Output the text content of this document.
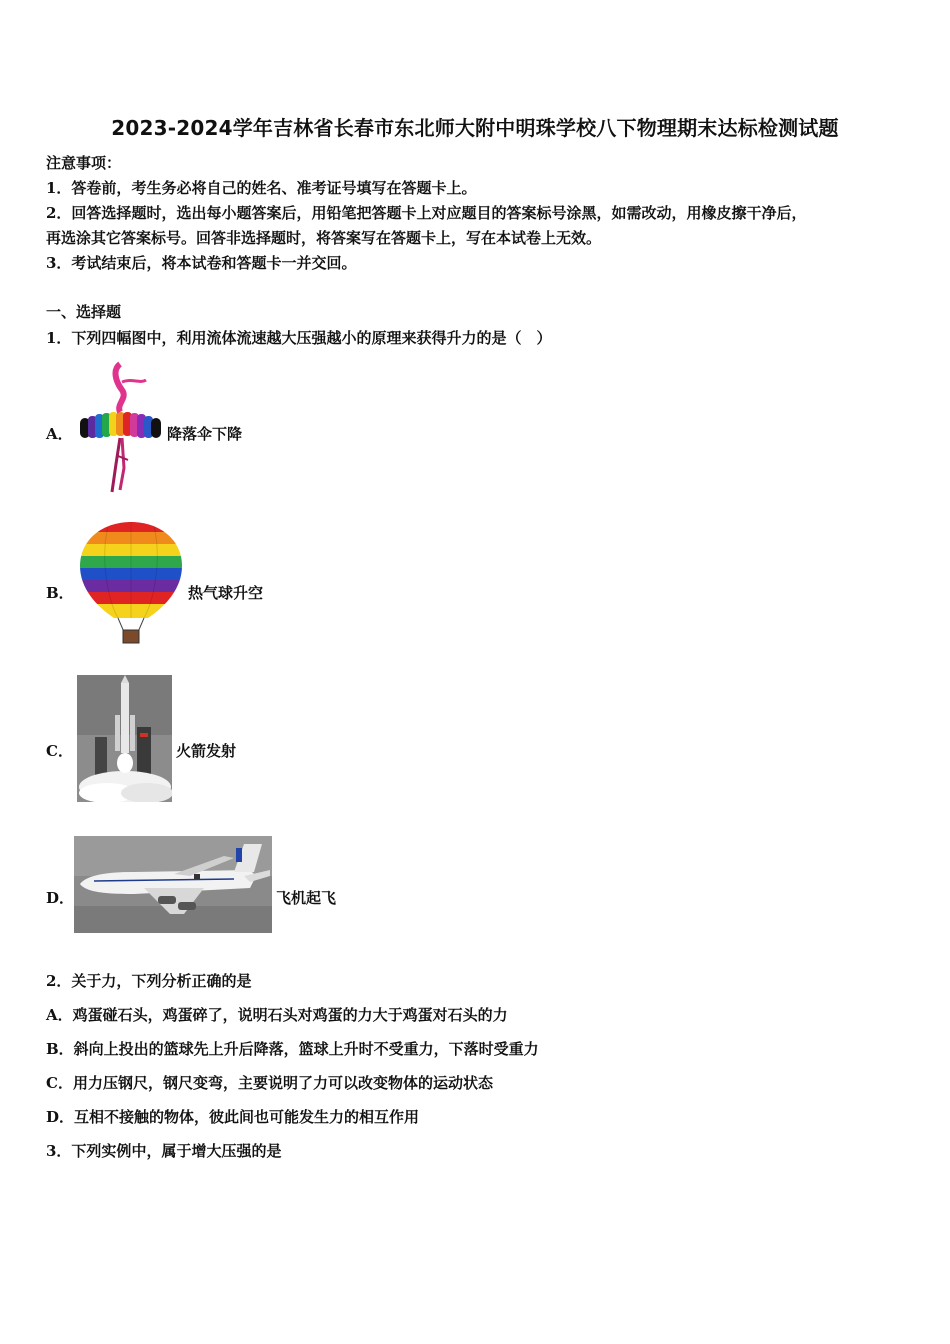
2023-2024学年吉林省长春市东北师大附中明珠学校八下物理期末达标检测试题
注意事项：
1．答卷前，考生务必将自己的姓名、准考证号填写在答题卡上。
2．回答选择题时，选出每小题答案后，用铅笔把答题卡上对应题目的答案标号涂黑，如需改动，用橡皮擦干净后，
再选涂其它答案标号。回答非选择题时，将答案写在答题卡上，写在本试卷上无效。
3．考试结束后，将本试卷和答题卡一并交回。
一、选择题
1．下列四幅图中，利用流体流速越大压强越小的原理来获得升力的是（　）
A．	降落伞下降
B．	热气球升空
C．	火箭发射
D．	飞机起飞
2．关于力，下列分析正确的是
A．鸡蛋碰石头，鸡蛋碎了，说明石头对鸡蛋的力大于鸡蛋对石头的力
B．斜向上投出的篮球先上升后降落，篮球上升时不受重力，下落时受重力
C．用力压钢尺，钢尺变弯，主要说明了力可以改变物体的运动状态
D．互相不接触的物体，彼此间也可能发生力的相互作用
3．下列实例中，属于增大压强的是
